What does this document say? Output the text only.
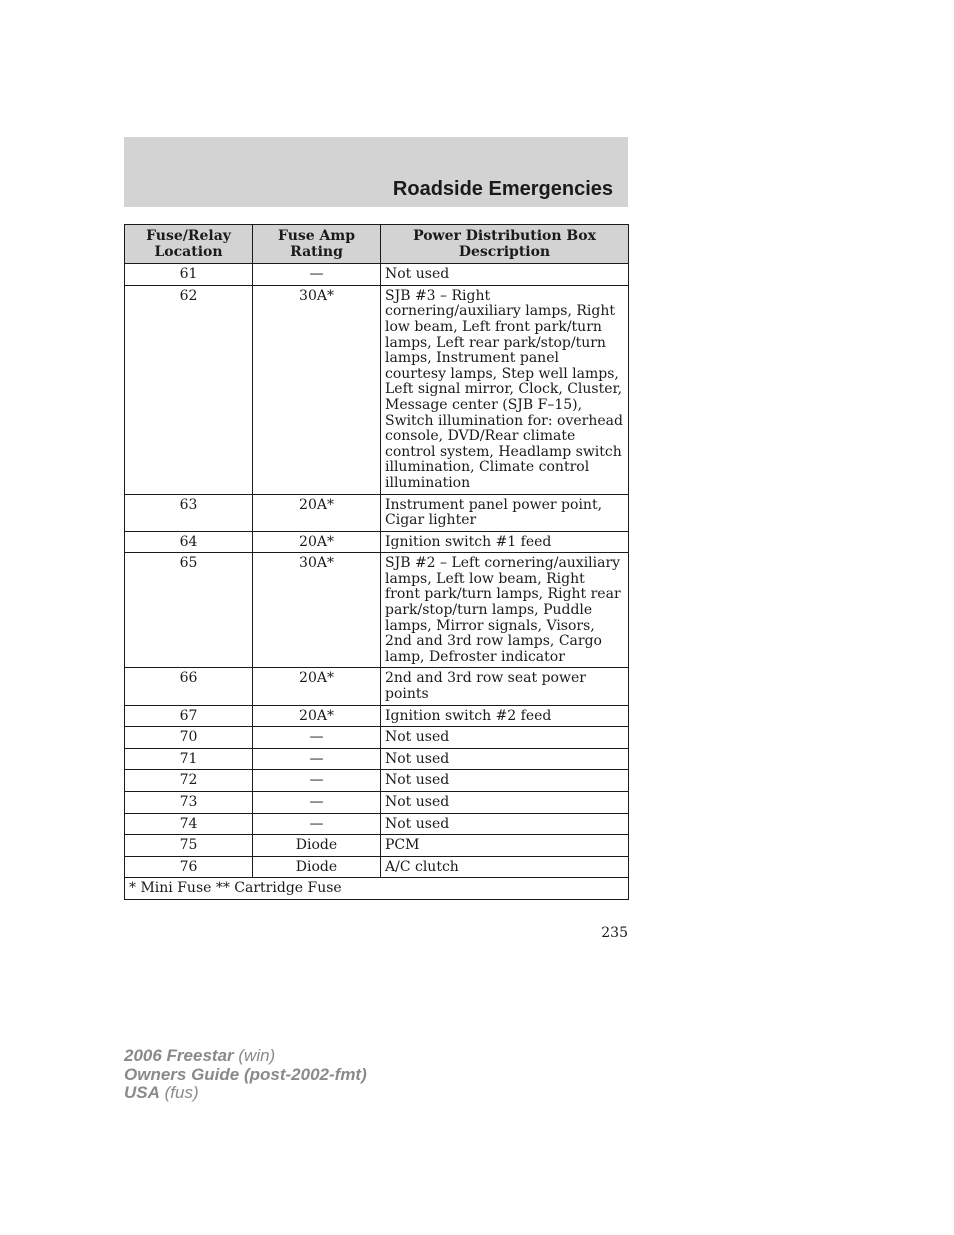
Roadside Emergencies
Fuse/Relay Location	Fuse Amp Rating	Power Distribution Box Description
61	—	Not used
62	30A*	SJB #3 – Right cornering/auxiliary lamps, Right low beam, Left front park/turn lamps, Left rear park/stop/turn lamps, Instrument panel courtesy lamps, Step well lamps, Left signal mirror, Clock, Cluster, Message center (SJB F–15), Switch illumination for: overhead console, DVD/Rear climate control system, Headlamp switch illumination, Climate control illumination
63	20A*	Instrument panel power point, Cigar lighter
64	20A*	Ignition switch #1 feed
65	30A*	SJB #2 – Left cornering/auxiliary lamps, Left low beam, Right front park/turn lamps, Right rear park/stop/turn lamps, Puddle lamps, Mirror signals, Visors, 2nd and 3rd row lamps, Cargo lamp, Defroster indicator
66	20A*	2nd and 3rd row seat power points
67	20A*	Ignition switch #2 feed
70	—	Not used
71	—	Not used
72	—	Not used
73	—	Not used
74	—	Not used
75	Diode	PCM
76	Diode	A/C clutch
* Mini Fuse ** Cartridge Fuse		
235
2006 Freestar (win)
Owners Guide (post-2002-fmt)
USA (fus)
